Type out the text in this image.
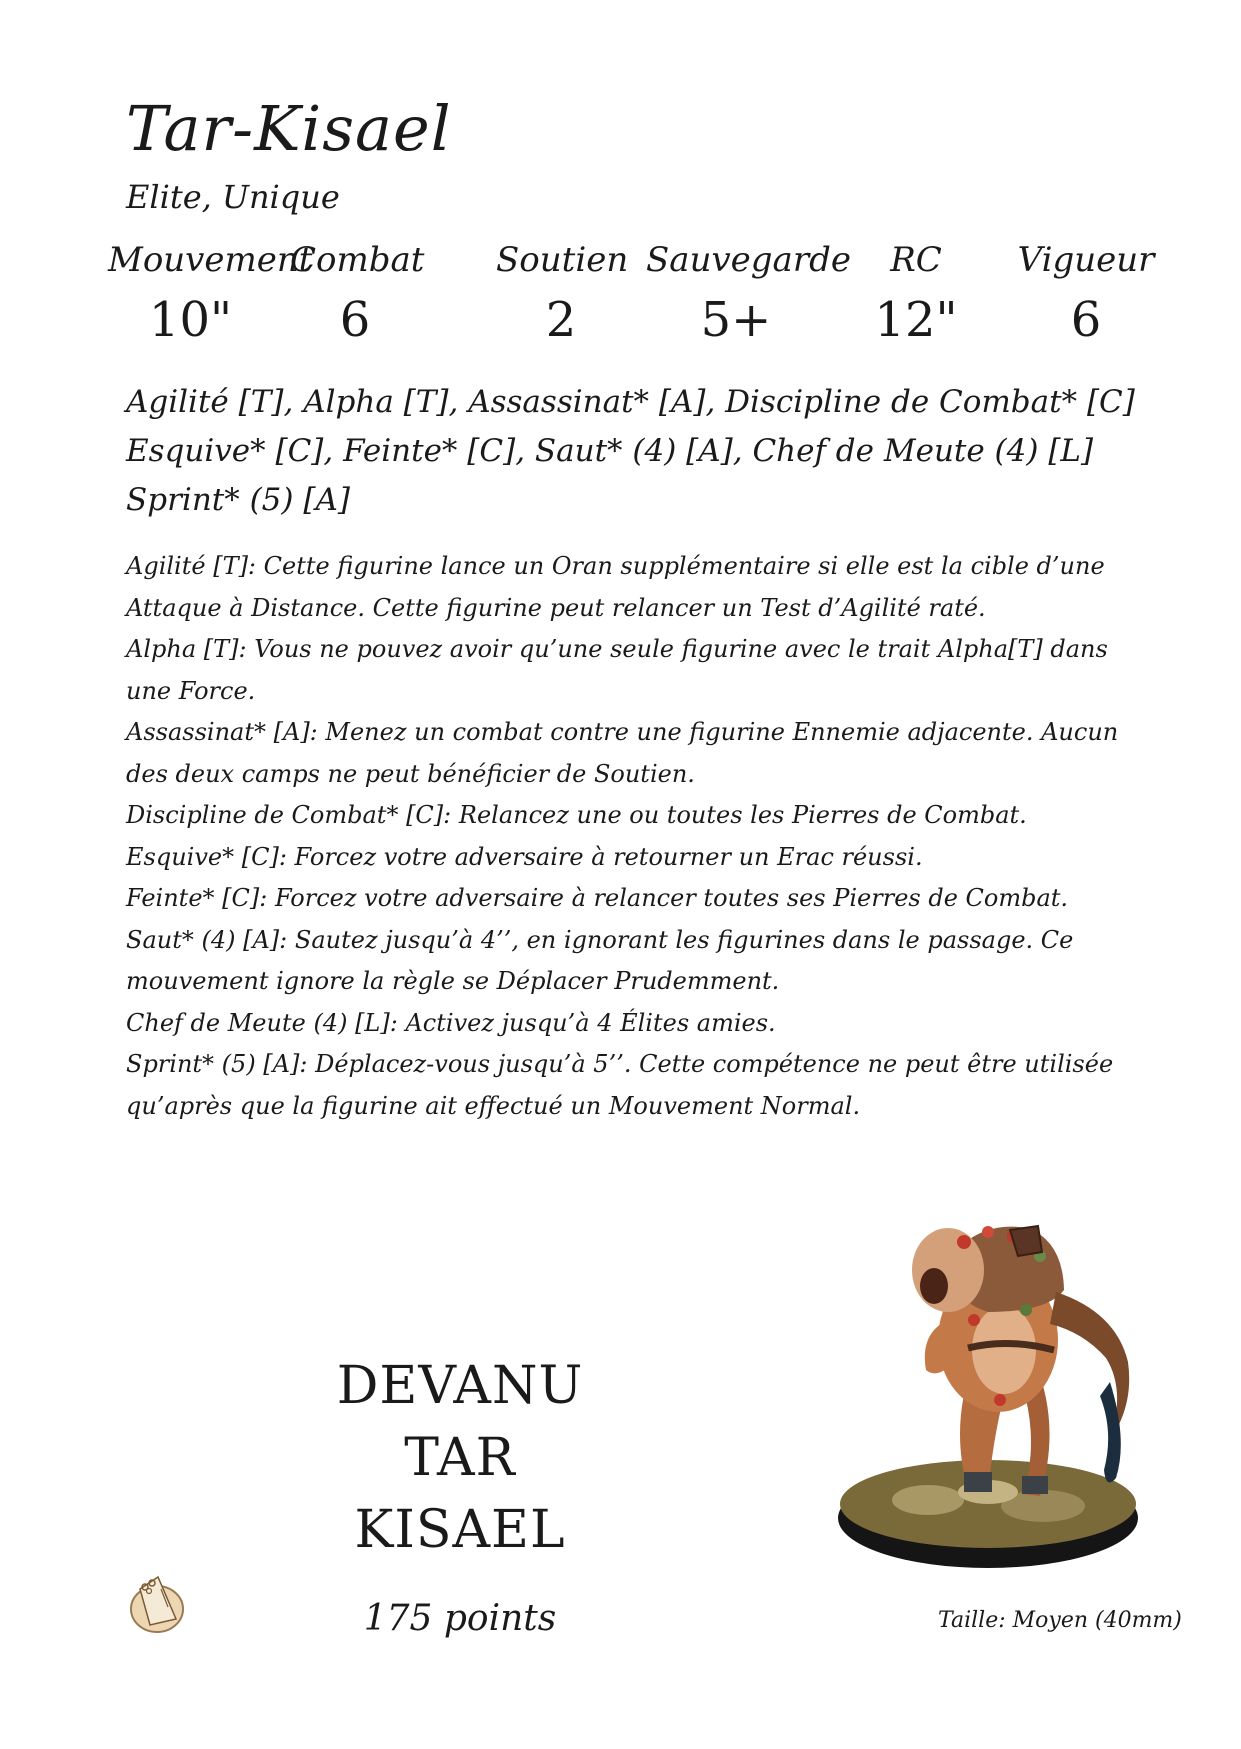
Tar-Kisael
Elite, Unique
Mouvement
10"
Combat
6
Soutien
2
Sauvegarde
5+
RC
12"
Vigueur
6
Agilité [T], Alpha [T], Assassinat* [A], Discipline de Combat* [C]
Esquive* [C], Feinte* [C], Saut* (4) [A], Chef de Meute (4) [L]
Sprint* (5) [A]

Agilité [T]: Cette figurine lance un Oran supplémentaire si elle est la cible d’une Attaque à Distance. Cette figurine peut relancer un Test d’Agilité raté.

Alpha [T]: Vous ne pouvez avoir qu’une seule figurine avec le trait Alpha[T] dans une Force.

Assassinat* [A]: Menez un combat contre une figurine Ennemie adjacente. Aucun des deux camps ne peut bénéficier de Soutien.

Discipline de Combat* [C]: Relancez une ou toutes les Pierres de Combat.

Esquive* [C]: Forcez votre adversaire à retourner un Erac réussi.

Feinte* [C]: Forcez votre adversaire à relancer toutes ses Pierres de Combat.

Saut* (4) [A]: Sautez jusqu’à 4’’, en ignorant les figurines dans le passage. Ce mouvement ignore la règle se Déplacer Prudemment.

Chef de Meute (4) [L]: Activez jusqu’à 4 Élites amies.

Sprint* (5) [A]: Déplacez-vous jusqu’à 5’’. Cette compétence ne peut être utilisée qu’après que la figurine ait effectué un Mouvement Normal.

DEVANU
TAR
KISAEL
175 points	Taille: Moyen (40mm)
